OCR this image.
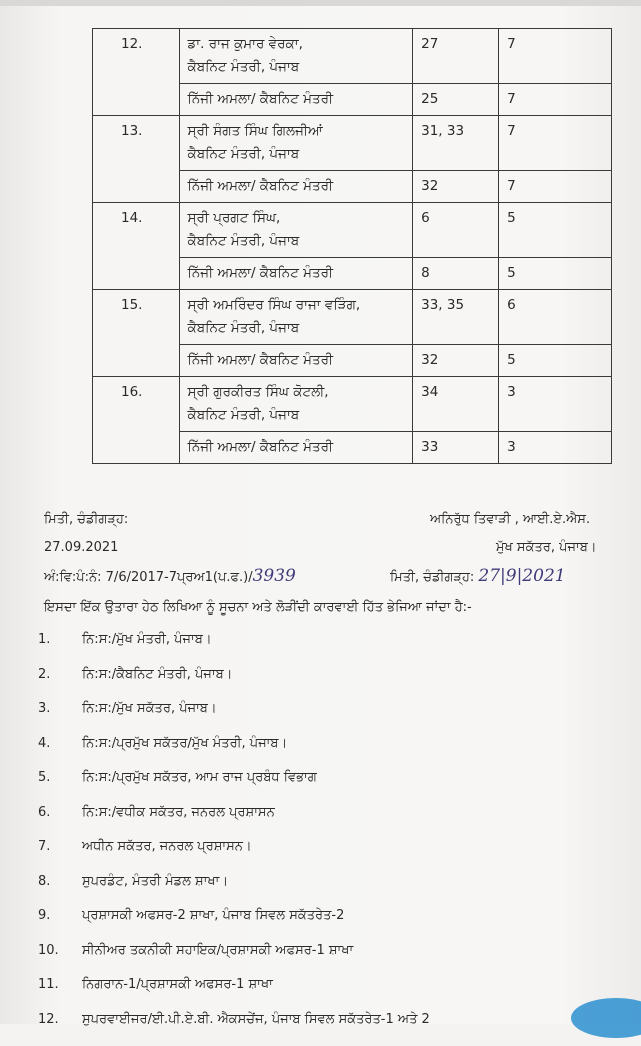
12.	ਡਾ. ਰਾਜ ਕੁਮਾਰ ਵੇਰਕਾ,
ਕੈਬਨਿਟ ਮੰਤਰੀ, ਪੰਜਾਬ	27	7
	ਨਿੱਜੀ ਅਮਲਾ/ ਕੈਬਨਿਟ ਮੰਤਰੀ	25	7
13.	ਸ੍ਰੀ ਸੰਗਤ ਸਿੰਘ ਗਿਲਜੀਆਂ
ਕੈਬਨਿਟ ਮੰਤਰੀ, ਪੰਜਾਬ	31, 33	7
	ਨਿੱਜੀ ਅਮਲਾ/ ਕੈਬਨਿਟ ਮੰਤਰੀ	32	7
14.	ਸ੍ਰੀ ਪ੍ਰਗਟ ਸਿੰਘ,
ਕੈਬਨਿਟ ਮੰਤਰੀ, ਪੰਜਾਬ	6	5
	ਨਿੱਜੀ ਅਮਲਾ/ ਕੈਬਨਿਟ ਮੰਤਰੀ	8	5
15.	ਸ੍ਰੀ ਅਮਰਿੰਦਰ ਸਿੰਘ ਰਾਜਾ ਵੜਿੰਗ,
ਕੈਬਨਿਟ ਮੰਤਰੀ, ਪੰਜਾਬ	33, 35	6
	ਨਿੱਜੀ ਅਮਲਾ/ ਕੈਬਨਿਟ ਮੰਤਰੀ	32	5
16.	ਸ੍ਰੀ ਗੁਰਕੀਰਤ ਸਿੰਘ ਕੋਟਲੀ,
ਕੈਬਨਿਟ ਮੰਤਰੀ, ਪੰਜਾਬ	34	3
	ਨਿੱਜੀ ਅਮਲਾ/ ਕੈਬਨਿਟ ਮੰਤਰੀ	33	3
ਮਿਤੀ, ਚੰਡੀਗੜ੍ਹ:
27.09.2021
ਅਨਿਰੁੱਧ ਤਿਵਾੜੀ , ਆਈ.ਏ.ਐਸ.
ਮੁੱਖ ਸਕੱਤਰ, ਪੰਜਾਬ।
ਅੰ:ਵਿ:ਪੰ:ਨੰ: 7/6/2017-7ਪ੍ਰਅ1(ਪ.ਫ.)/3939	ਮਿਤੀ, ਚੰਡੀਗੜ੍ਹ: 27|9|2021
ਇਸਦਾ ਇੱਕ ਉਤਾਰਾ ਹੇਠ ਲਿਖਿਆ ਨੂੰ ਸੂਚਨਾ ਅਤੇ ਲੋੜੀਂਦੀ ਕਾਰਵਾਈ ਹਿੱਤ ਭੇਜਿਆ ਜਾਂਦਾ ਹੈ:-
1.	ਨਿ:ਸ:/ਮੁੱਖ ਮੰਤਰੀ, ਪੰਜਾਬ।
2.	ਨਿ:ਸ:/ਕੈਬਨਿਟ ਮੰਤਰੀ, ਪੰਜਾਬ।
3.	ਨਿ:ਸ:/ਮੁੱਖ ਸਕੱਤਰ, ਪੰਜਾਬ।
4.	ਨਿ:ਸ:/ਪ੍ਰਮੁੱਖ ਸਕੱਤਰ/ਮੁੱਖ ਮੰਤਰੀ, ਪੰਜਾਬ।
5.	ਨਿ:ਸ:/ਪ੍ਰਮੁੱਖ ਸਕੱਤਰ, ਆਮ ਰਾਜ ਪ੍ਰਬੰਧ ਵਿਭਾਗ
6.	ਨਿ:ਸ:/ਵਧੀਕ ਸਕੱਤਰ, ਜਨਰਲ ਪ੍ਰਸ਼ਾਸਨ
7.	ਅਧੀਨ ਸਕੱਤਰ, ਜਨਰਲ ਪ੍ਰਸ਼ਾਸਨ।
8.	ਸੁਪਰਡੰਟ, ਮੰਤਰੀ ਮੰਡਲ ਸ਼ਾਖਾ।
9.	ਪ੍ਰਸ਼ਾਸਕੀ ਅਫਸਰ-2 ਸ਼ਾਖਾ, ਪੰਜਾਬ ਸਿਵਲ ਸਕੱਤਰੇਤ-2
10.	ਸੀਨੀਅਰ ਤਕਨੀਕੀ ਸਹਾਇਕ/ਪ੍ਰਸ਼ਾਸਕੀ ਅਫਸਰ-1 ਸ਼ਾਖਾ
11.	ਨਿਗਰਾਨ-1/ਪ੍ਰਸ਼ਾਸਕੀ ਅਫਸਰ-1 ਸ਼ਾਖਾ
12.	ਸੁਪਰਵਾਈਜਰ/ਈ.ਪੀ.ਏ.ਬੀ. ਐਕਸਚੇਂਜ, ਪੰਜਾਬ ਸਿਵਲ ਸਕੱਤਰੇਤ-1 ਅਤੇ 2
